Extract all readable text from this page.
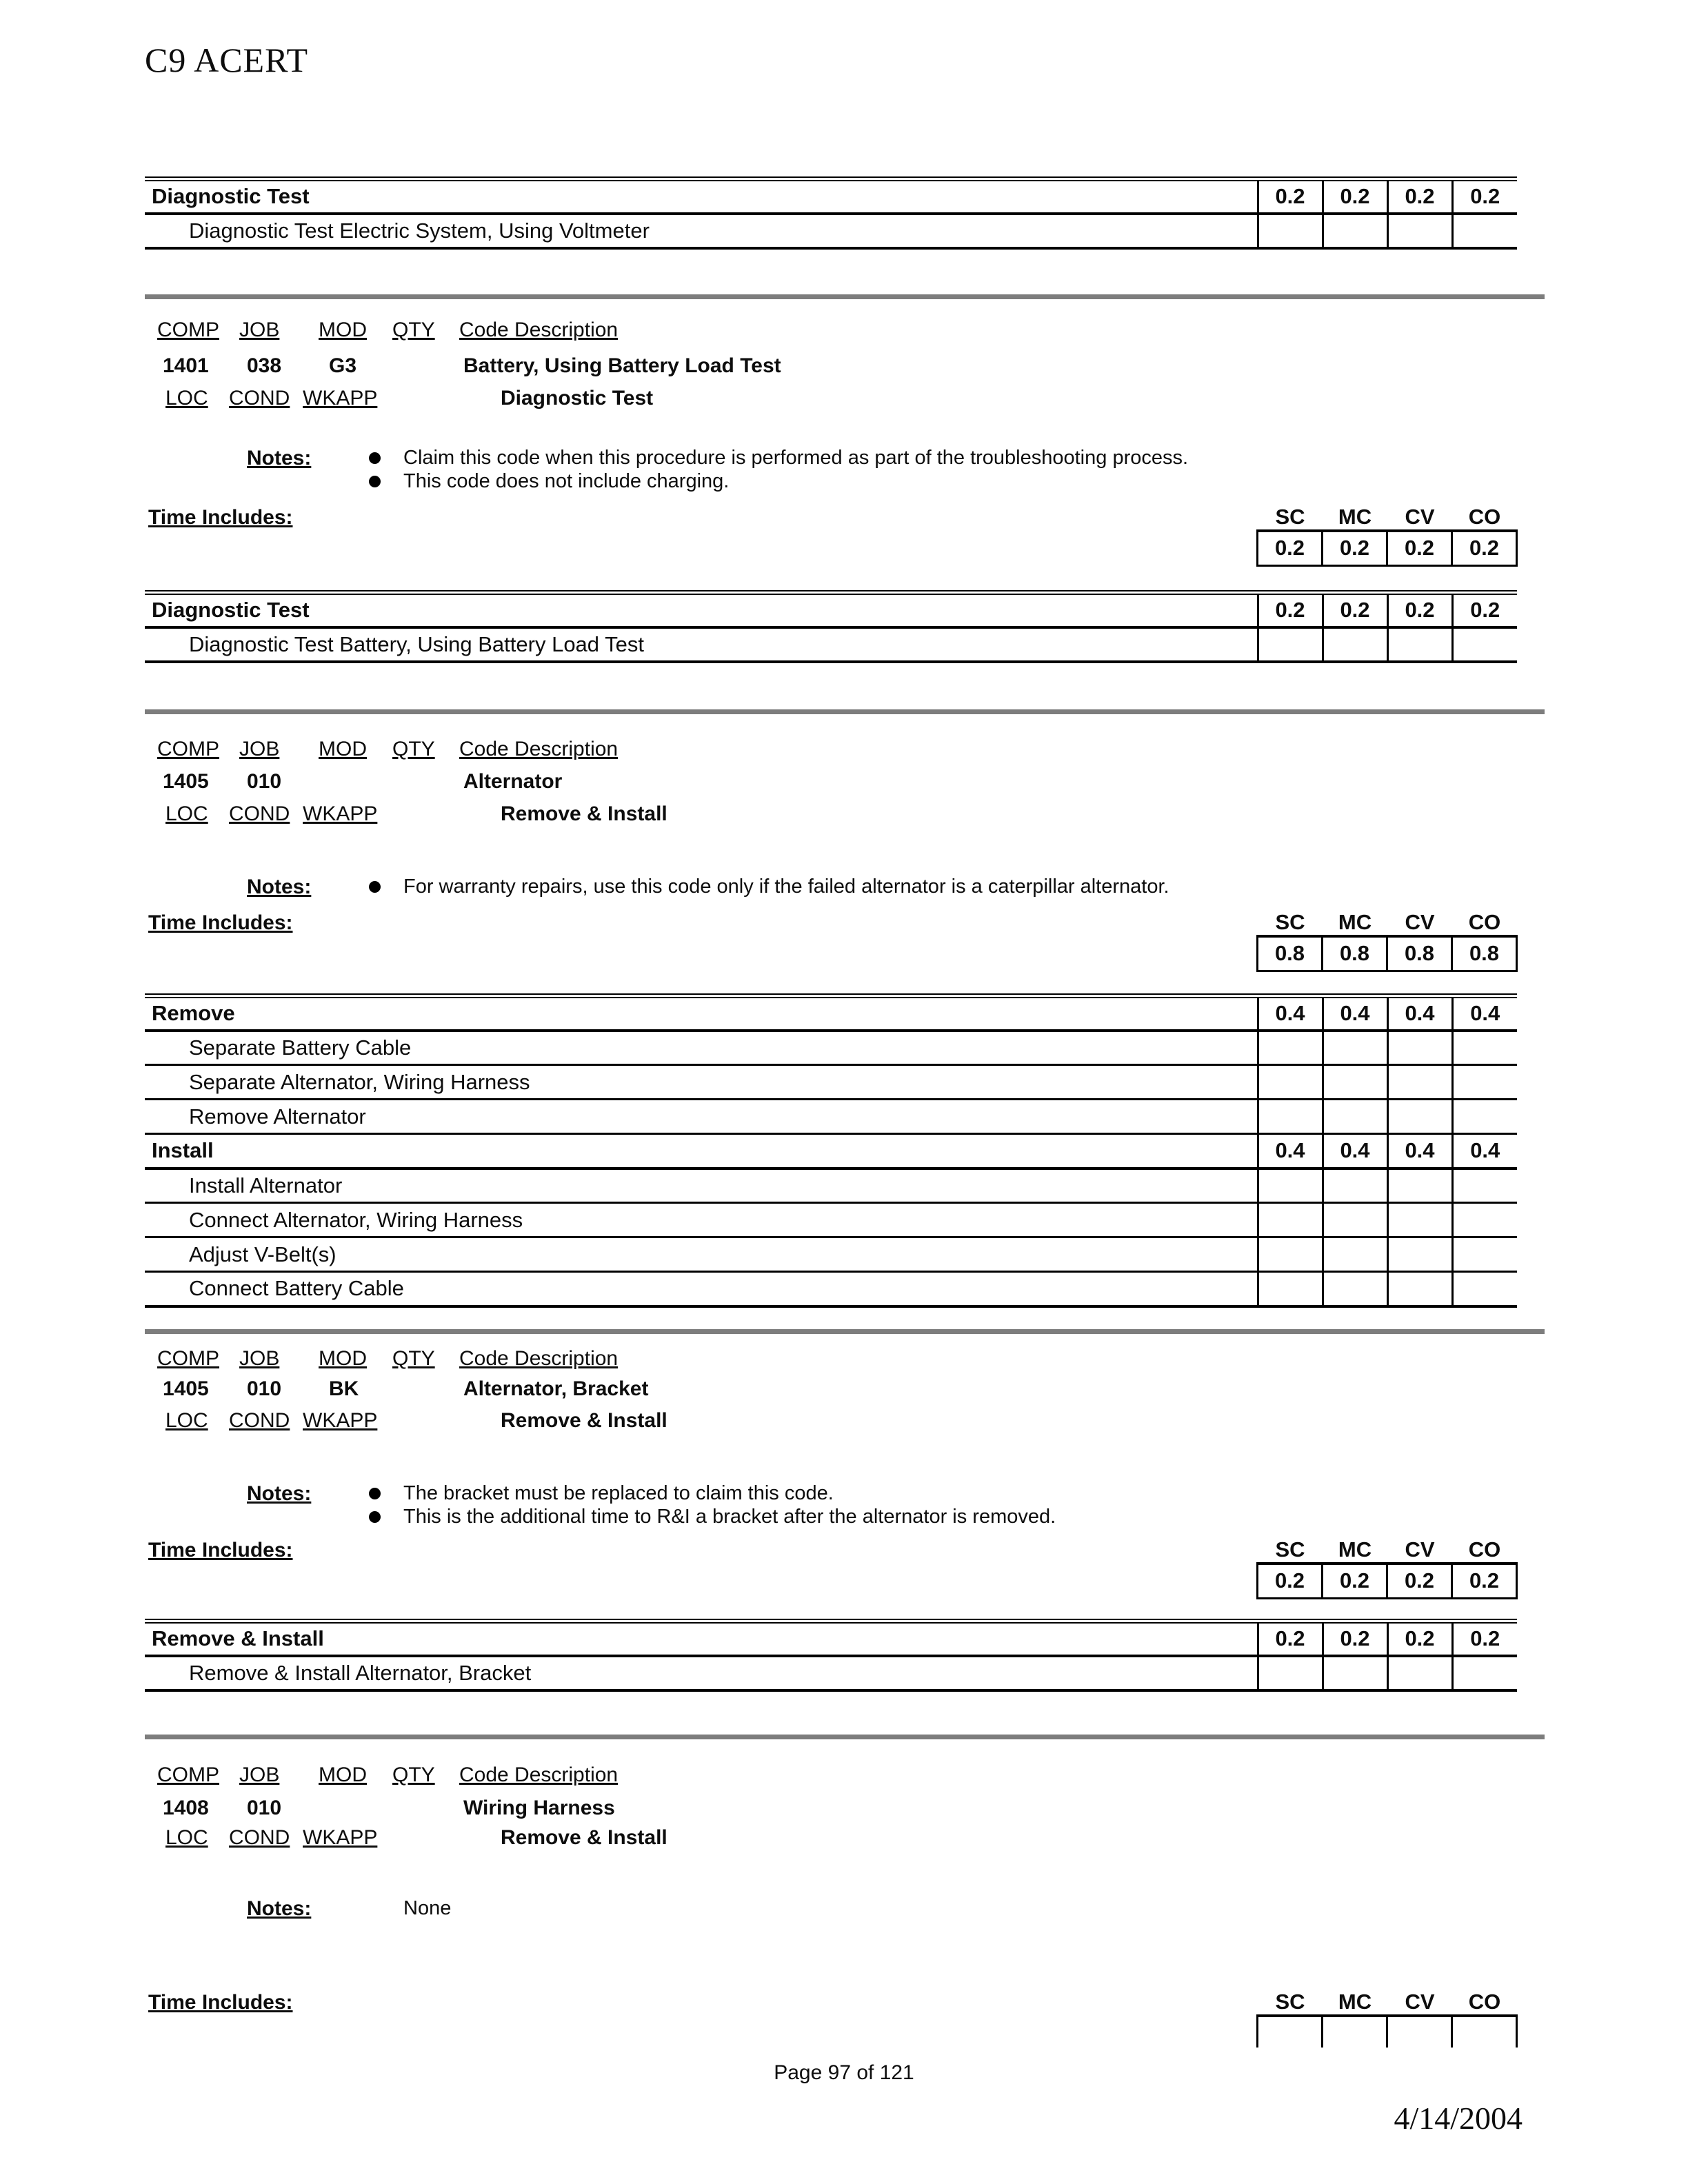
C9 ACERT
Diagnostic Test	0.2	0.2	0.2	0.2
Diagnostic Test Electric System, Using Voltmeter				
COMP JOB MOD QTY Code Description
1401 038 G3	Battery, Using Battery Load Test
LOC COND WKAPP	Diagnostic Test
Notes:	Claim this code when this procedure is performed as part of the troubleshooting process.
This code does not include charging.
Time Includes:	SC	MC	CV	CO
0.2	0.2	0.2	0.2
Diagnostic Test	0.2	0.2	0.2	0.2
Diagnostic Test Battery, Using Battery Load Test				
COMP JOB MOD QTY Code Description
1405 010	Alternator
LOC COND WKAPP	Remove & Install
Notes:	For warranty repairs, use this code only if the failed alternator is a caterpillar alternator.
Time Includes:	SC	MC	CV	CO
0.8	0.8	0.8	0.8
Remove	0.4	0.4	0.4	0.4
Separate Battery Cable				
Separate Alternator, Wiring Harness				
Remove Alternator				
Install	0.4	0.4	0.4	0.4
Install Alternator				
Connect Alternator, Wiring Harness				
Adjust V-Belt(s)				
Connect Battery Cable				
COMP JOB MOD QTY Code Description
1405 010 BK	Alternator, Bracket
LOC COND WKAPP	Remove & Install
Notes:	The bracket must be replaced to claim this code.
This is the additional time to R&I a bracket after the alternator is removed.
Time Includes:	SC	MC	CV	CO
0.2	0.2	0.2	0.2
Remove & Install	0.2	0.2	0.2	0.2
Remove & Install Alternator, Bracket				
COMP JOB MOD QTY Code Description
1408 010	Wiring Harness
LOC COND WKAPP	Remove & Install
Notes:	None
Time Includes:	SC	MC	CV	CO

Page 97 of 121
4/14/2004
